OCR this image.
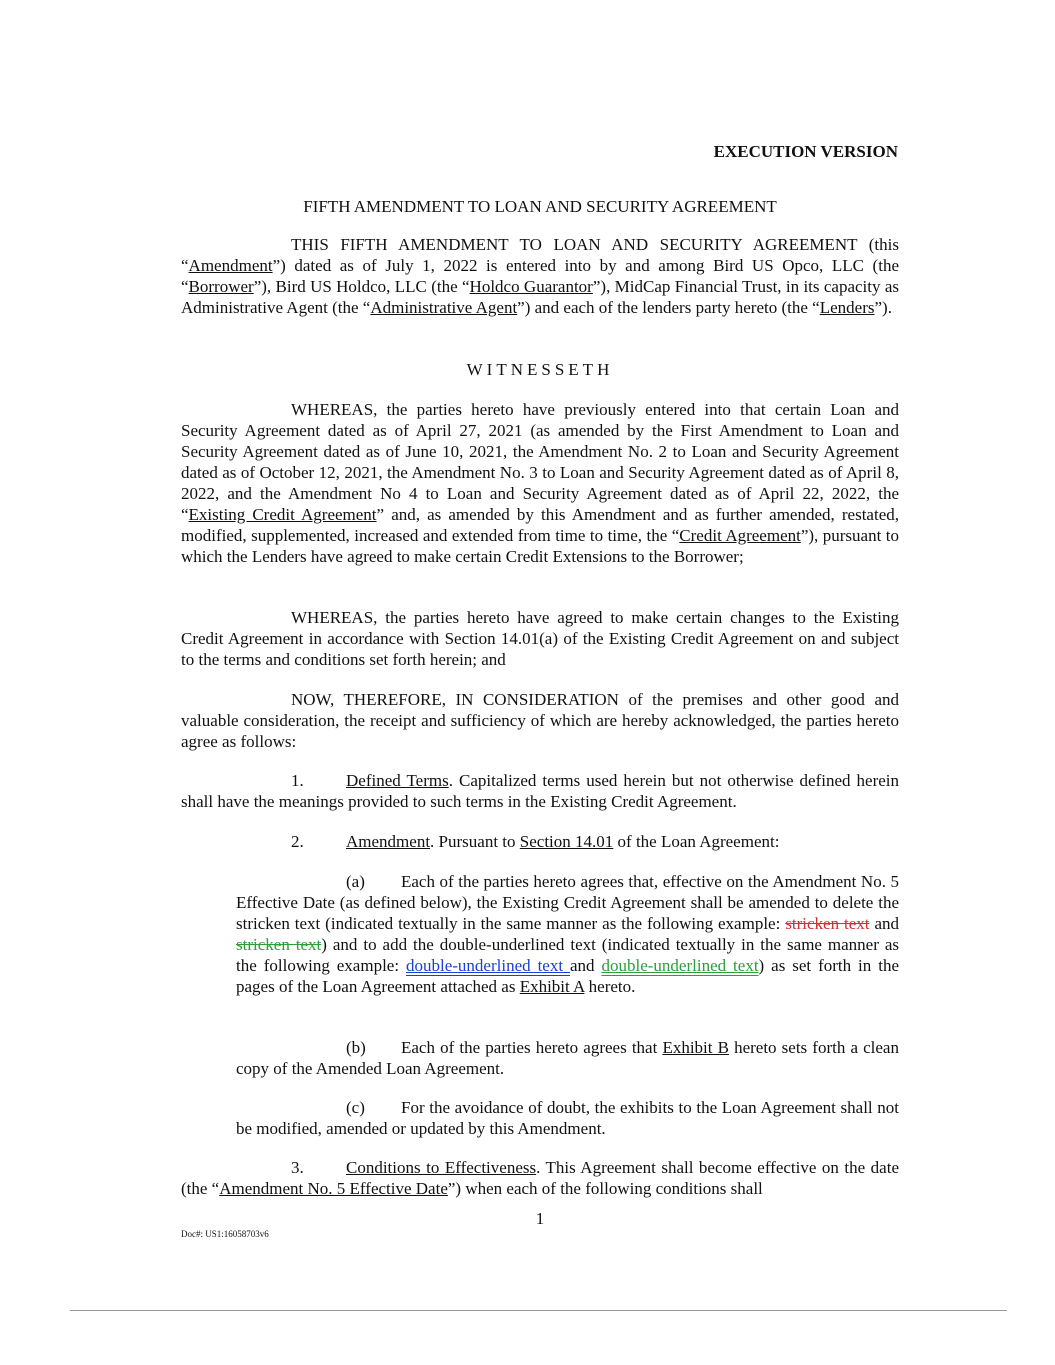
EXECUTION VERSION
FIFTH AMENDMENT TO LOAN AND SECURITY AGREEMENT
THIS FIFTH AMENDMENT TO LOAN AND SECURITY AGREEMENT (this “Amendment”) dated as of July 1, 2022 is entered into by and among Bird US Opco, LLC (the “Borrower”), Bird US Holdco, LLC (the “Holdco Guarantor”), MidCap Financial Trust, in its capacity as Administrative Agent (the “Administrative Agent”) and each of the lenders party hereto (the “Lenders”).
WITNESSETH
WHEREAS, the parties hereto have previously entered into that certain Loan and Security Agreement dated as of April 27, 2021 (as amended by the First Amendment to Loan and Security Agreement dated as of June 10, 2021, the Amendment No. 2 to Loan and Security Agreement dated as of October 12, 2021, the Amendment No. 3 to Loan and Security Agreement dated as of April 8, 2022, and the Amendment No 4 to Loan and Security Agreement dated as of April 22, 2022, the “Existing Credit Agreement” and, as amended by this Amendment and as further amended, restated, modified, supplemented, increased and extended from time to time, the “Credit Agreement”), pursuant to which the Lenders have agreed to make certain Credit Extensions to the Borrower;
WHEREAS, the parties hereto have agreed to make certain changes to the Existing Credit Agreement in accordance with Section 14.01(a) of the Existing Credit Agreement on and subject to the terms and conditions set forth herein; and
NOW, THEREFORE, IN CONSIDERATION of the premises and other good and valuable consideration, the receipt and sufficiency of which are hereby acknowledged, the parties hereto agree as follows:
1. Defined Terms. Capitalized terms used herein but not otherwise defined herein shall have the meanings provided to such terms in the Existing Credit Agreement.
2. Amendment. Pursuant to Section 14.01 of the Loan Agreement:
(a) Each of the parties hereto agrees that, effective on the Amendment No. 5 Effective Date (as defined below), the Existing Credit Agreement shall be amended to delete the stricken text (indicated textually in the same manner as the following example: stricken text and stricken text) and to add the double-underlined text (indicated textually in the same manner as the following example: double-underlined text and double-underlined text) as set forth in the pages of the Loan Agreement attached as Exhibit A hereto.
(b) Each of the parties hereto agrees that Exhibit B hereto sets forth a clean copy of the Amended Loan Agreement.
(c) For the avoidance of doubt, the exhibits to the Loan Agreement shall not be modified, amended or updated by this Amendment.
3. Conditions to Effectiveness. This Agreement shall become effective on the date (the “Amendment No. 5 Effective Date”) when each of the following conditions shall
1
Doc#: US1:16058703v6
